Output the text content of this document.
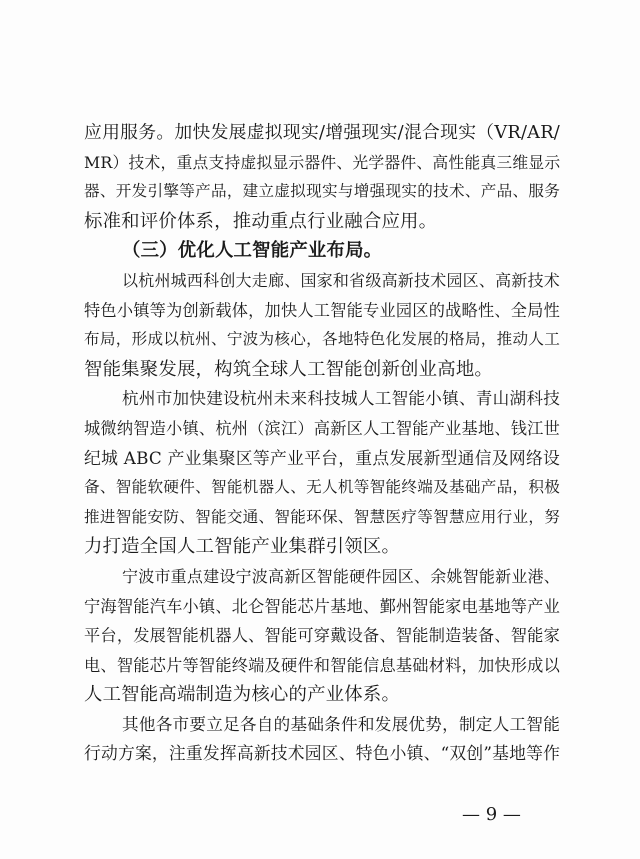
应用服务。加快发展虚拟现实/增强现实/混合现实（VR/AR/
MR）技术，重点支持虚拟显示器件、光学器件、高性能真三维显示
器、开发引擎等产品，建立虚拟现实与增强现实的技术、产品、服务
标准和评价体系，推动重点行业融合应用。
（三）优化人工智能产业布局。
以杭州城西科创大走廊、国家和省级高新技术园区、高新技术
特色小镇等为创新载体，加快人工智能专业园区的战略性、全局性
布局，形成以杭州、宁波为核心，各地特色化发展的格局，推动人工
智能集聚发展，构筑全球人工智能创新创业高地。
杭州市加快建设杭州未来科技城人工智能小镇、青山湖科技
城微纳智造小镇、杭州（滨江）高新区人工智能产业基地、钱江世
纪城 ABC 产业集聚区等产业平台，重点发展新型通信及网络设
备、智能软硬件、智能机器人、无人机等智能终端及基础产品，积极
推进智能安防、智能交通、智能环保、智慧医疗等智慧应用行业，努
力打造全国人工智能产业集群引领区。
宁波市重点建设宁波高新区智能硬件园区、余姚智能新业港、
宁海智能汽车小镇、北仑智能芯片基地、鄞州智能家电基地等产业
平台，发展智能机器人、智能可穿戴设备、智能制造装备、智能家
电、智能芯片等智能终端及硬件和智能信息基础材料，加快形成以
人工智能高端制造为核心的产业体系。
其他各市要立足各自的基础条件和发展优势，制定人工智能
行动方案，注重发挥高新技术园区、特色小镇、“双创”基地等作
— 9 —
